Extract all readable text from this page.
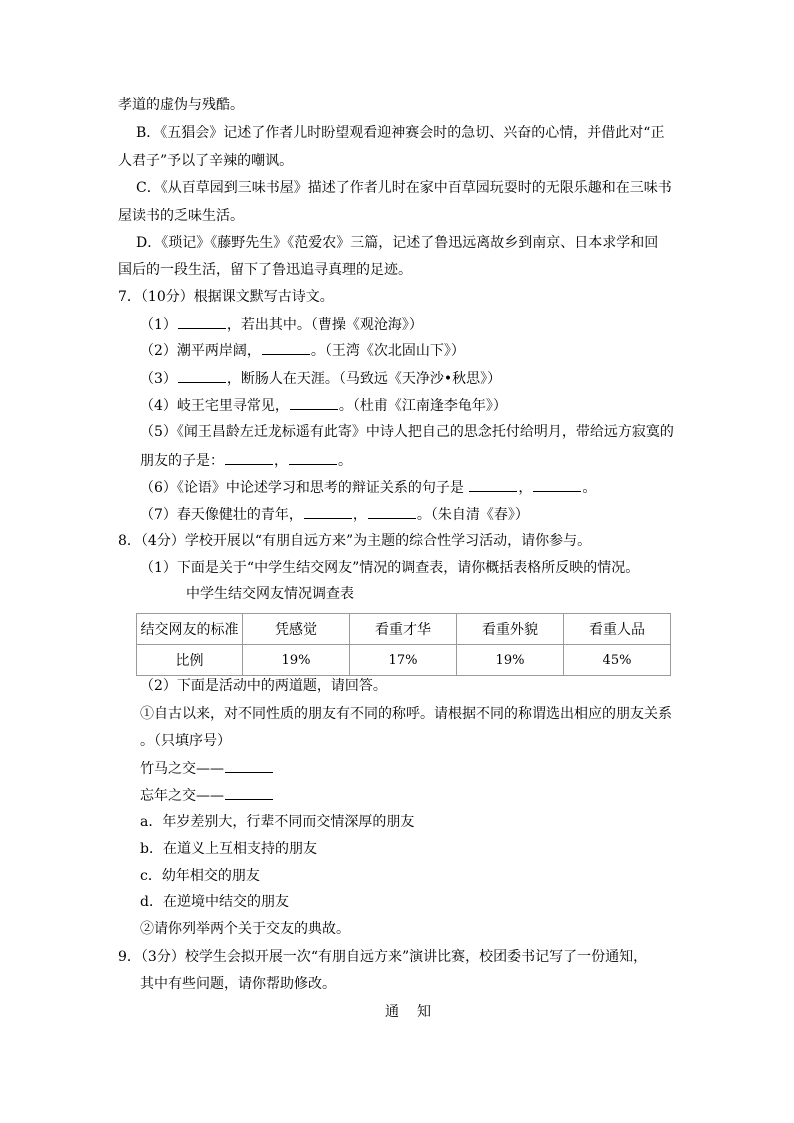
孝道的虚伪与残酷。
B．《五猖会》记述了作者儿时盼望观看迎神赛会时的急切、兴奋的心情，并借此对“正
人君子”予以了辛辣的嘲讽。
C．《从百草园到三味书屋》描述了作者儿时在家中百草园玩耍时的无限乐趣和在三味书
屋读书的乏味生活。
D．《琐记》《藤野先生》《范爱农》三篇，记述了鲁迅远离故乡到南京、日本求学和回
国后的一段生活，留下了鲁迅追寻真理的足迹。
7．（10分）根据课文默写古诗文。
（1）	，若出其中。（曹操《观沧海》）
（2）潮平两岸阔，	。（王湾《次北固山下》）
（3）	，断肠人在天涯。（马致远《天净沙•秋思》）
（4）岐王宅里寻常见，	。（杜甫《江南逢李龟年》）
（5）《闻王昌龄左迁龙标遥有此寄》中诗人把自己的思念托付给明月，带给远方寂寞的
朋友的子是：	，	。
（6）《论语》中论述学习和思考的辩证关系的句子是	，	。
（7）春天像健壮的青年，	，	。（朱自清《春》）
8．（4分）学校开展以“有朋自远方来”为主题的综合性学习活动，请你参与。
（1）下面是关于“中学生结交网友”情况的调查表，请你概括表格所反映的情况。
中学生结交网友情况调查表
结交网友的标准	凭感觉	看重才华	看重外貌	看重人品
比例	19%	17%	19%	45%
（2）下面是活动中的两道题，请回答。
①自古以来，对不同性质的朋友有不同的称呼。请根据不同的称谓选出相应的朋友关系
。（只填序号）
竹马之交——
忘年之交——
a．年岁差别大，行辈不同而交情深厚的朋友
b．在道义上互相支持的朋友
c．幼年相交的朋友
d．在逆境中结交的朋友
②请你列举两个关于交友的典故。
9．（3分）校学生会拟开展一次“有朋自远方来”演讲比赛，校团委书记写了一份通知，
其中有些问题，请你帮助修改。
通知
